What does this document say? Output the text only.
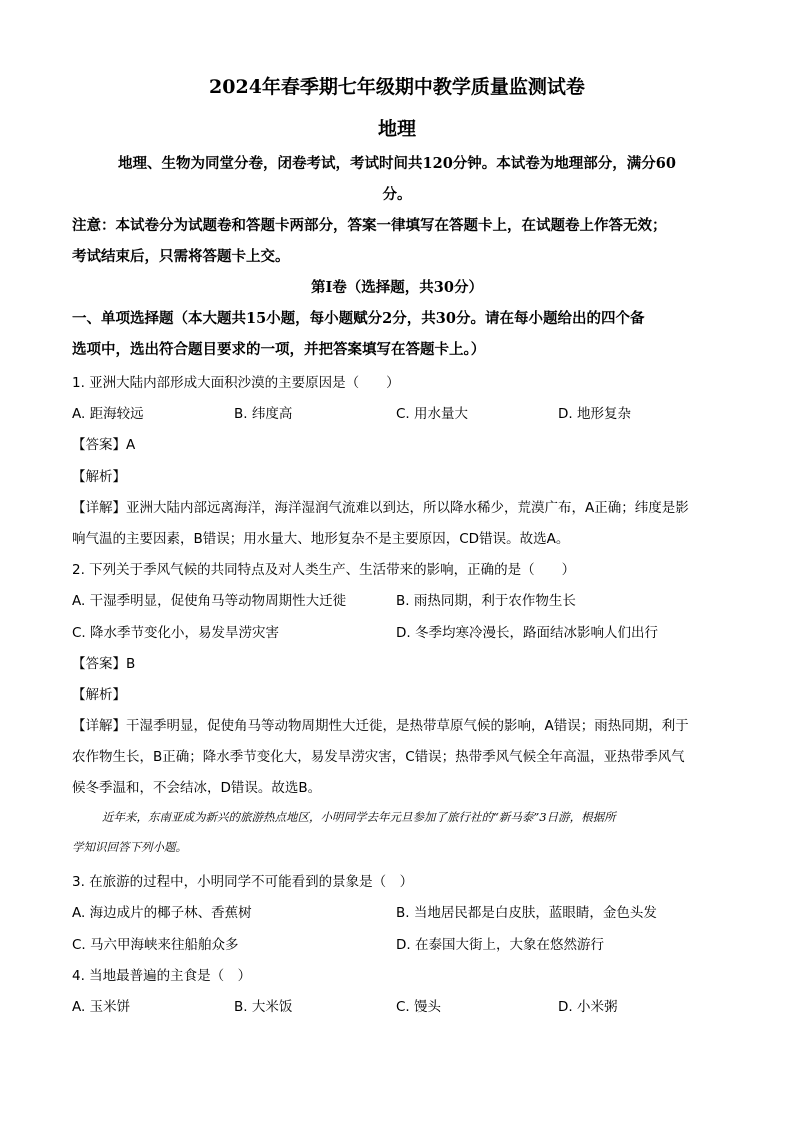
2024年春季期七年级期中教学质量监测试卷
地理
地理、生物为同堂分卷，闭卷考试，考试时间共120分钟。本试卷为地理部分，满分60
分。
注意：本试卷分为试题卷和答题卡两部分，答案一律填写在答题卡上，在试题卷上作答无效；
考试结束后，只需将答题卡上交。
第Ⅰ卷（选择题，共30分）
一、单项选择题（本大题共15小题，每小题赋分2分，共30分。请在每小题给出的四个备
选项中，选出符合题目要求的一项，并把答案填写在答题卡上。）
1. 亚洲大陆内部形成大面积沙漠的主要原因是（　　）
A. 距海较远	B. 纬度高	C. 用水量大	D. 地形复杂
【答案】A
【解析】
【详解】亚洲大陆内部远离海洋，海洋湿润气流难以到达，所以降水稀少，荒漠广布，A正确；纬度是影
响气温的主要因素，B错误；用水量大、地形复杂不是主要原因，CD错误。故选A。
2. 下列关于季风气候的共同特点及对人类生产、生活带来的影响，正确的是（　　）
A. 干湿季明显，促使角马等动物周期性大迁徙	B. 雨热同期，利于农作物生长
C. 降水季节变化小，易发旱涝灾害	D. 冬季均寒冷漫长，路面结冰影响人们出行
【答案】B
【解析】
【详解】干湿季明显，促使角马等动物周期性大迁徙，是热带草原气候的影响，A错误；雨热同期，利于
农作物生长，B正确；降水季节变化大，易发旱涝灾害，C错误；热带季风气候全年高温，亚热带季风气
候冬季温和，不会结冰，D错误。故选B。
近年来，东南亚成为新兴的旅游热点地区，小明同学去年元旦参加了旅行社的“新马泰”3日游，根据所
学知识回答下列小题。
3. 在旅游的过程中，小明同学不可能看到的景象是（　）
A. 海边成片的椰子林、香蕉树	B. 当地居民都是白皮肤，蓝眼睛，金色头发
C. 马六甲海峡来往船舶众多	D. 在泰国大街上，大象在悠然游行
4. 当地最普遍的主食是（　）
A. 玉米饼	B. 大米饭	C. 馒头	D. 小米粥
